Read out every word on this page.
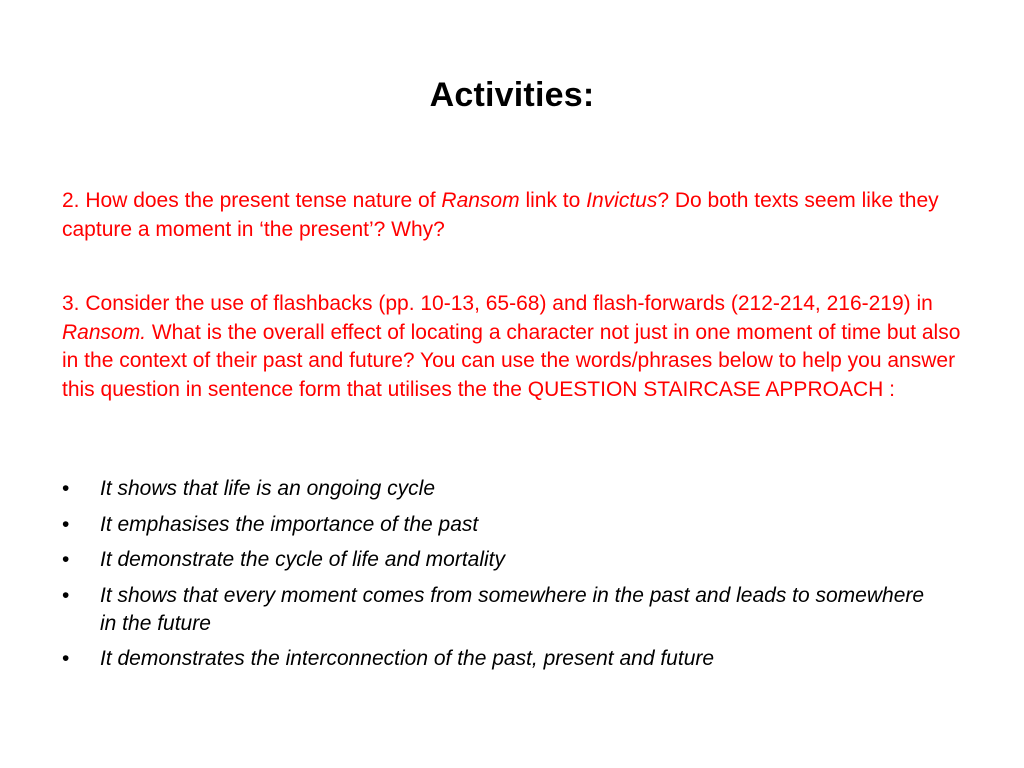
Activities:
2. How does the present tense nature of Ransom link to Invictus? Do both texts seem like they capture a moment in ‘the present’? Why?
3. Consider the use of flashbacks (pp. 10-13, 65-68) and flash-forwards (212-214, 216-219) in Ransom. What is the overall effect of locating a character not just in one moment of time but also in the context of their past and future? You can use the words/phrases below to help you answer this question in sentence form that utilises the the QUESTION STAIRCASE APPROACH :
• It shows that life is an ongoing cycle
• It emphasises the importance of the past
• It demonstrate the cycle of life and mortality
• It shows that every moment comes from somewhere in the past and leads to somewhere in the future
• It demonstrates the interconnection of the past, present and future
